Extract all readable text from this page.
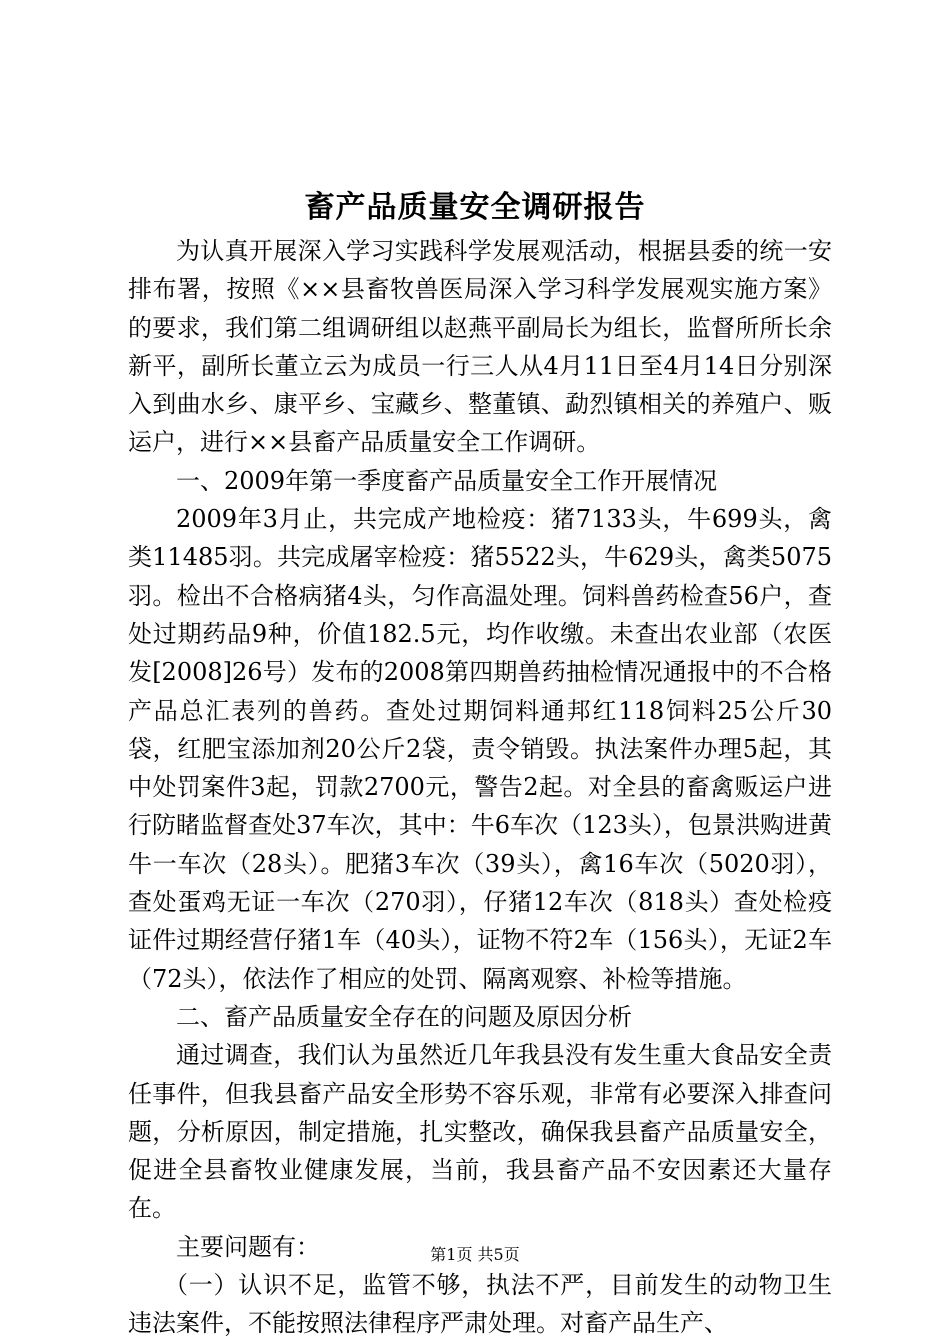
畜产品质量安全调研报告

为认真开展深入学习实践科学发展观活动，根据县委的统一安排布署，按照《××县畜牧兽医局深入学习科学发展观实施方案》的要求，我们第二组调研组以赵燕平副局长为组长，监督所所长余新平，副所长董立云为成员一行三人从4月11日至4月14日分别深入到曲水乡、康平乡、宝藏乡、整董镇、勐烈镇相关的养殖户、贩运户，进行××县畜产品质量安全工作调研。

一、2009年第一季度畜产品质量安全工作开展情况

2009年3月止，共完成产地检疫：猪7133头，牛699头，禽类11485羽。共完成屠宰检疫：猪5522头，牛629头，禽类5075羽。检出不合格病猪4头，匀作高温处理。饲料兽药检查56户，查处过期药品9种，价值182.5元，均作收缴。未查出农业部（农医发[2008]26号）发布的2008第四期兽药抽检情况通报中的不合格产品总汇表列的兽药。查处过期饲料通邦红118饲料25公斤30袋，红肥宝添加剂20公斤2袋，责令销毁。执法案件办理5起，其中处罚案件3起，罚款2700元，警告2起。对全县的畜禽贩运户进行防睹监督查处37车次，其中：牛6车次（123头），包景洪购进黄牛一车次（28头）。肥猪3车次（39头），禽16车次（5020羽），查处蛋鸡无证一车次（270羽），仔猪12车次（818头）查处检疫证件过期经营仔猪1车（40头），证物不符2车（156头），无证2车（72头），依法作了相应的处罚、隔离观察、补检等措施。

二、畜产品质量安全存在的问题及原因分析

通过调查，我们认为虽然近几年我县没有发生重大食品安全责任事件，但我县畜产品安全形势不容乐观，非常有必要深入排查问题，分析原因，制定措施，扎实整改，确保我县畜产品质量安全，促进全县畜牧业健康发展，当前，我县畜产品不安因素还大量存在。

主要问题有：

（一）认识不足，监管不够，执法不严，目前发生的动物卫生违法案件，不能按照法律程序严肃处理。对畜产品生产、

第1页 共5页
